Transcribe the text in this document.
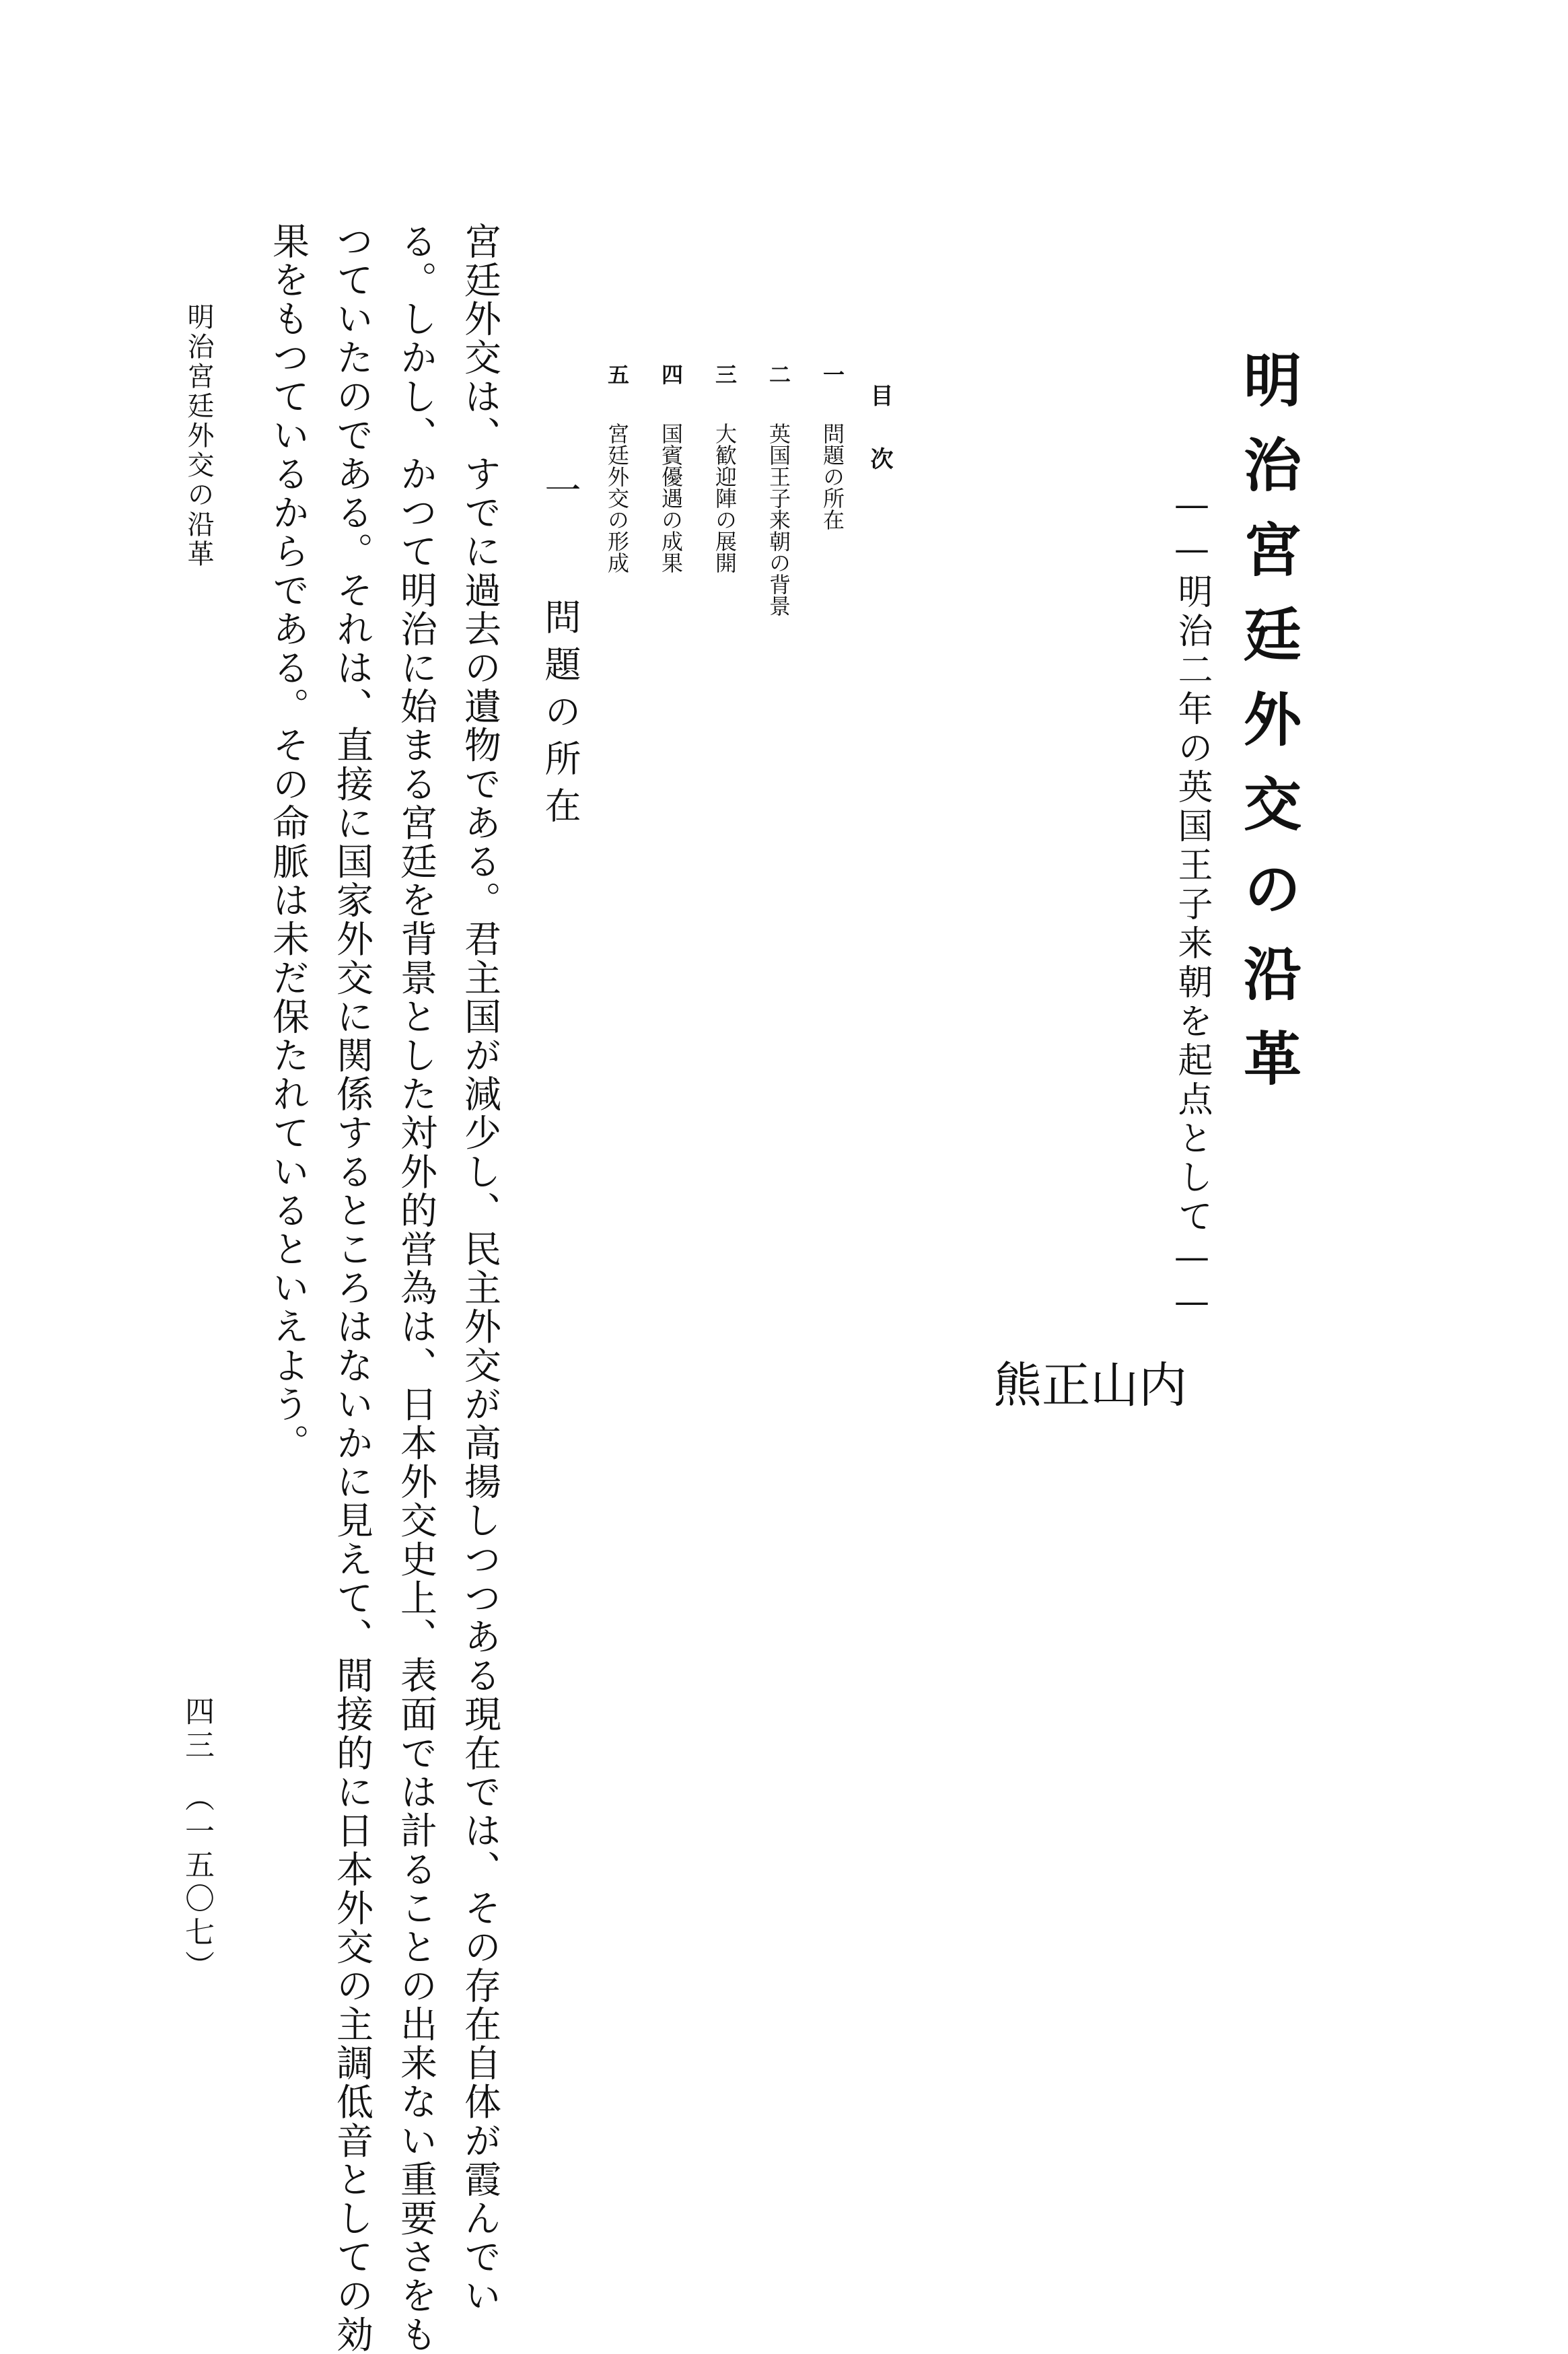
明治宮廷外交の沿革
——明治二年の英国王子来朝を起点として——
内
山
正
熊
目次
一 問題の所在
二 英国王子来朝の背景
三 大歓迎陣の展開
四 国賓優遇の成果
五 宮廷外交の形成
一 問題の所在
宮廷外交は、すでに過去の遺物である。君主国が減少し、民主外交が高揚しつつある現在では、その存在自体が霞んでい
る。しかし、かつて明治に始まる宮廷を背景とした対外的営為は、日本外交史上、表面では計ることの出来ない重要さをも
つていたのである。それは、直接に国家外交に関係するところはないかに見えて、間接的に日本外交の主調低音としての効
果をもつているからである。その命脈は未だ保たれているといえよう。
明治宮廷外交の沿革
四三　（一五〇七）
